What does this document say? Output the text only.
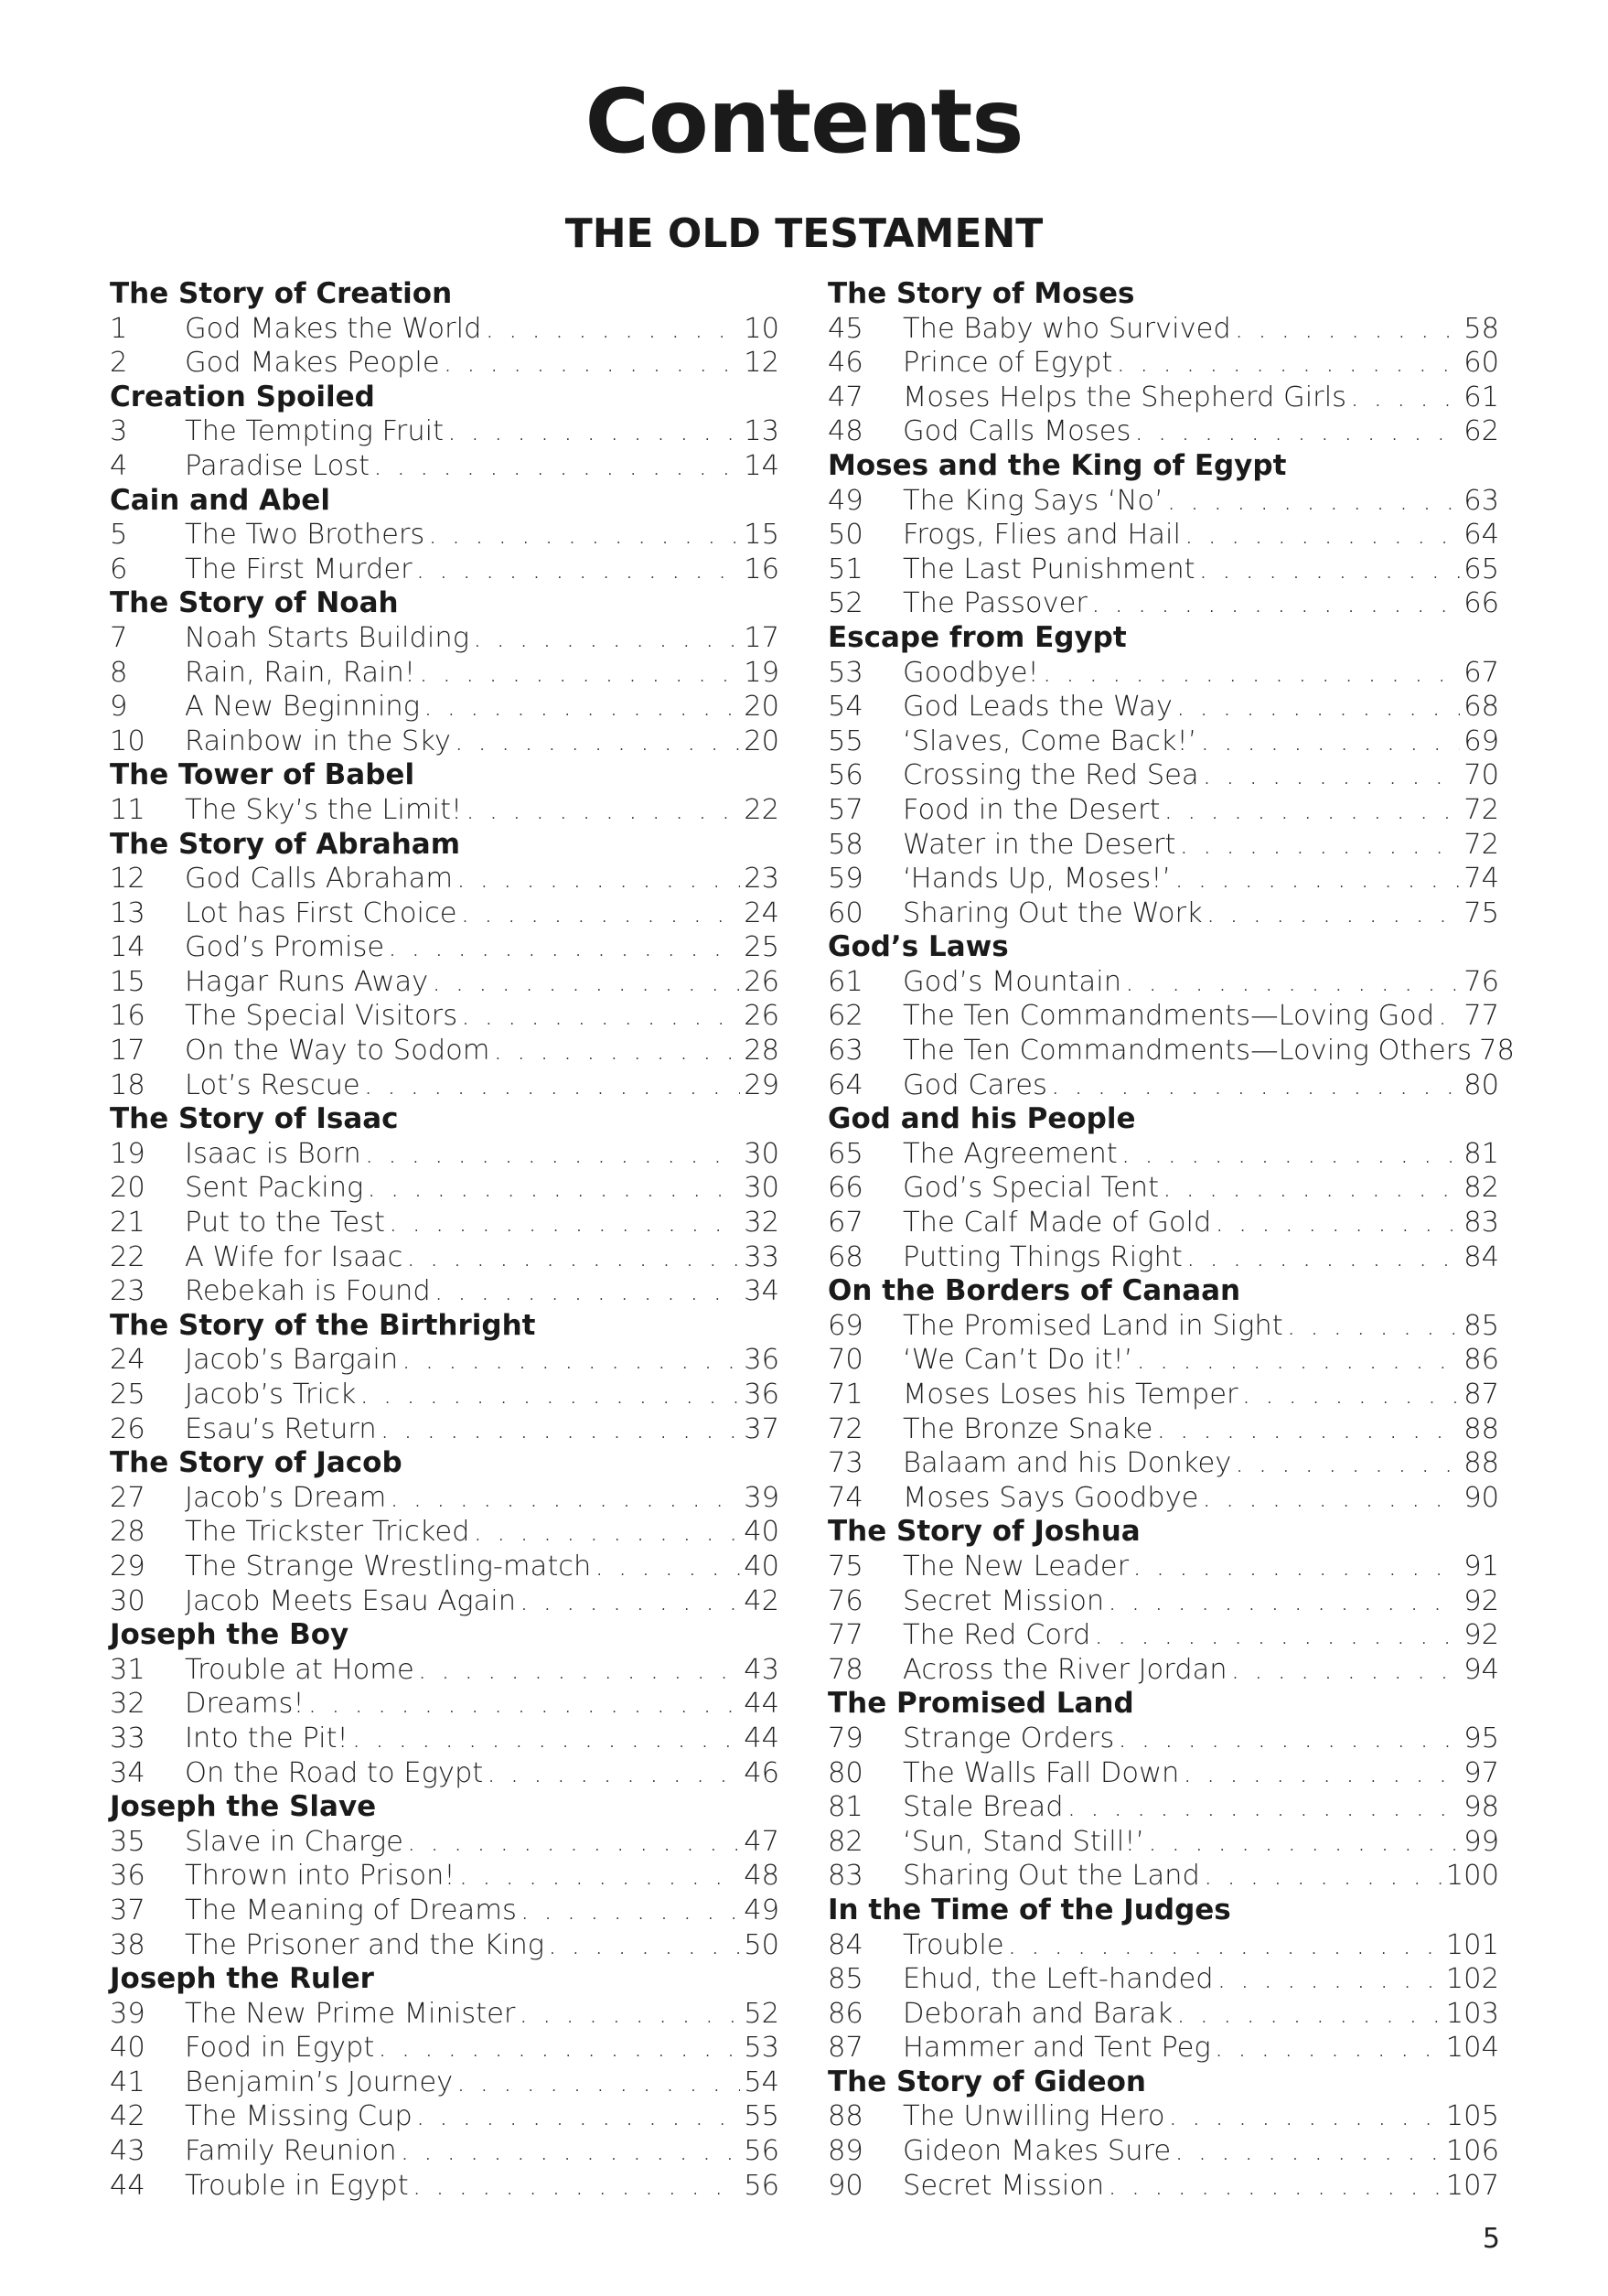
Contents
THE OLD TESTAMENT
The Story of Creation
1	God Makes the World . . .	10
2	God Makes People . . .	12
Creation Spoiled
3	The Tempting Fruit . . .	13
4	Paradise Lost . . .	14
Cain and Abel
5	The Two Brothers . . .	15
6	The First Murder . . .	16
The Story of Noah
7	Noah Starts Building . . .	17
8	Rain, Rain, Rain! . . .	19
9	A New Beginning . . .	20
10	Rainbow in the Sky . . .	20
The Tower of Babel
11	The Sky’s the Limit! . . .	22
The Story of Abraham
12	God Calls Abraham . . .	23
13	Lot has First Choice . . .	24
14	God’s Promise . . .	25
15	Hagar Runs Away . . .	26
16	The Special Visitors . . .	26
17	On the Way to Sodom . . .	28
18	Lot’s Rescue . . .	29
The Story of Isaac
19	Isaac is Born . . .	30
20	Sent Packing . . .	30
21	Put to the Test . . .	32
22	A Wife for Isaac . . .	33
23	Rebekah is Found . . .	34
The Story of the Birthright
24	Jacob’s Bargain . . .	36
25	Jacob’s Trick . . .	36
26	Esau’s Return . . .	37
The Story of Jacob
27	Jacob’s Dream . . .	39
28	The Trickster Tricked . . .	40
29	The Strange Wrestling-match . . .	40
30	Jacob Meets Esau Again . . .	42
Joseph the Boy
31	Trouble at Home . . .	43
32	Dreams! . . .	44
33	Into the Pit! . . .	44
34	On the Road to Egypt . . .	46
Joseph the Slave
35	Slave in Charge . . .	47
36	Thrown into Prison! . . .	48
37	The Meaning of Dreams . . .	49
38	The Prisoner and the King . . .	50
Joseph the Ruler
39	The New Prime Minister . . .	52
40	Food in Egypt . . .	53
41	Benjamin’s Journey . . .	54
42	The Missing Cup . . .	55
43	Family Reunion . . .	56
44	Trouble in Egypt . . .	56
The Story of Moses
45	The Baby who Survived . . .	58
46	Prince of Egypt . . .	60
47	Moses Helps the Shepherd Girls . . .	61
48	God Calls Moses . . .	62
Moses and the King of Egypt
49	The King Says ‘No’ . . .	63
50	Frogs, Flies and Hail . . .	64
51	The Last Punishment . . .	65
52	The Passover . . .	66
Escape from Egypt
53	Goodbye! . . .	67
54	God Leads the Way . . .	68
55	‘Slaves, Come Back!’ . . .	69
56	Crossing the Red Sea . . .	70
57	Food in the Desert . . .	72
58	Water in the Desert . . .	72
59	‘Hands Up, Moses!’ . . .	74
60	Sharing Out the Work . . .	75
God’s Laws
61	God’s Mountain . . .	76
62	The Ten Commandments—Loving God . . . 77
63	The Ten Commandments—Loving Others 78
64	God Cares . . .	80
God and his People
65	The Agreement . . .	81
66	God’s Special Tent . . .	82
67	The Calf Made of Gold . . .	83
68	Putting Things Right . . .	84
On the Borders of Canaan
69	The Promised Land in Sight . . .	85
70	‘We Can’t Do it!’ . . .	86
71	Moses Loses his Temper . . .	87
72	The Bronze Snake . . .	88
73	Balaam and his Donkey . . .	88
74	Moses Says Goodbye . . .	90
The Story of Joshua
75	The New Leader . . .	91
76	Secret Mission . . .	92
77	The Red Cord . . .	92
78	Across the River Jordan . . .	94
The Promised Land
79	Strange Orders . . .	95
80	The Walls Fall Down . . .	97
81	Stale Bread . . .	98
82	‘Sun, Stand Still!’ . . .	99
83	Sharing Out the Land . . .	100
In the Time of the Judges
84	Trouble . . .	101
85	Ehud, the Left-handed . . .	102
86	Deborah and Barak . . .	103
87	Hammer and Tent Peg . . .	104
The Story of Gideon
88	The Unwilling Hero . . .	105
89	Gideon Makes Sure . . .	106
90	Secret Mission . . .	107
5
